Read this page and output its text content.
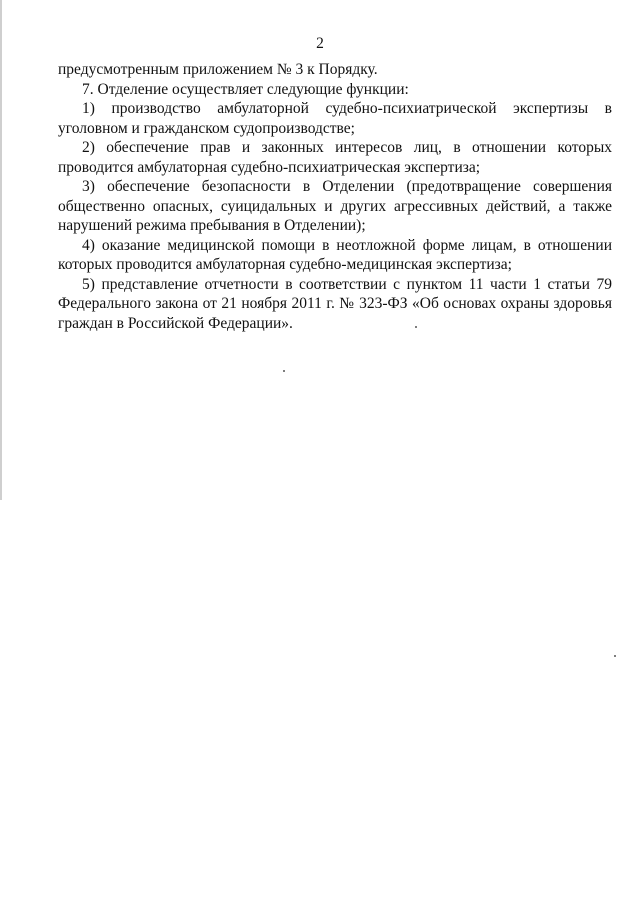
2

предусмотренным приложением № 3 к Порядку.

7. Отделение осуществляет следующие функции:

1) производство амбулаторной судебно-психиатрической экспертизы в уголовном и гражданском судопроизводстве;

2) обеспечение прав и законных интересов лиц, в отношении которых проводится амбулаторная судебно-психиатрическая экспертиза;

3) обеспечение безопасности в Отделении (предотвращение совершения общественно опасных, суицидальных и других агрессивных действий, а также нарушений режима пребывания в Отделении);

4) оказание медицинской помощи в неотложной форме лицам, в отношении которых проводится амбулаторная судебно-медицинская экспертиза;

5) представление отчетности в соответствии с пунктом 11 части 1 статьи 79 Федерального закона от 21 ноября 2011 г. № 323-ФЗ «Об основах охраны здоровья граждан в Российской Федерации».
